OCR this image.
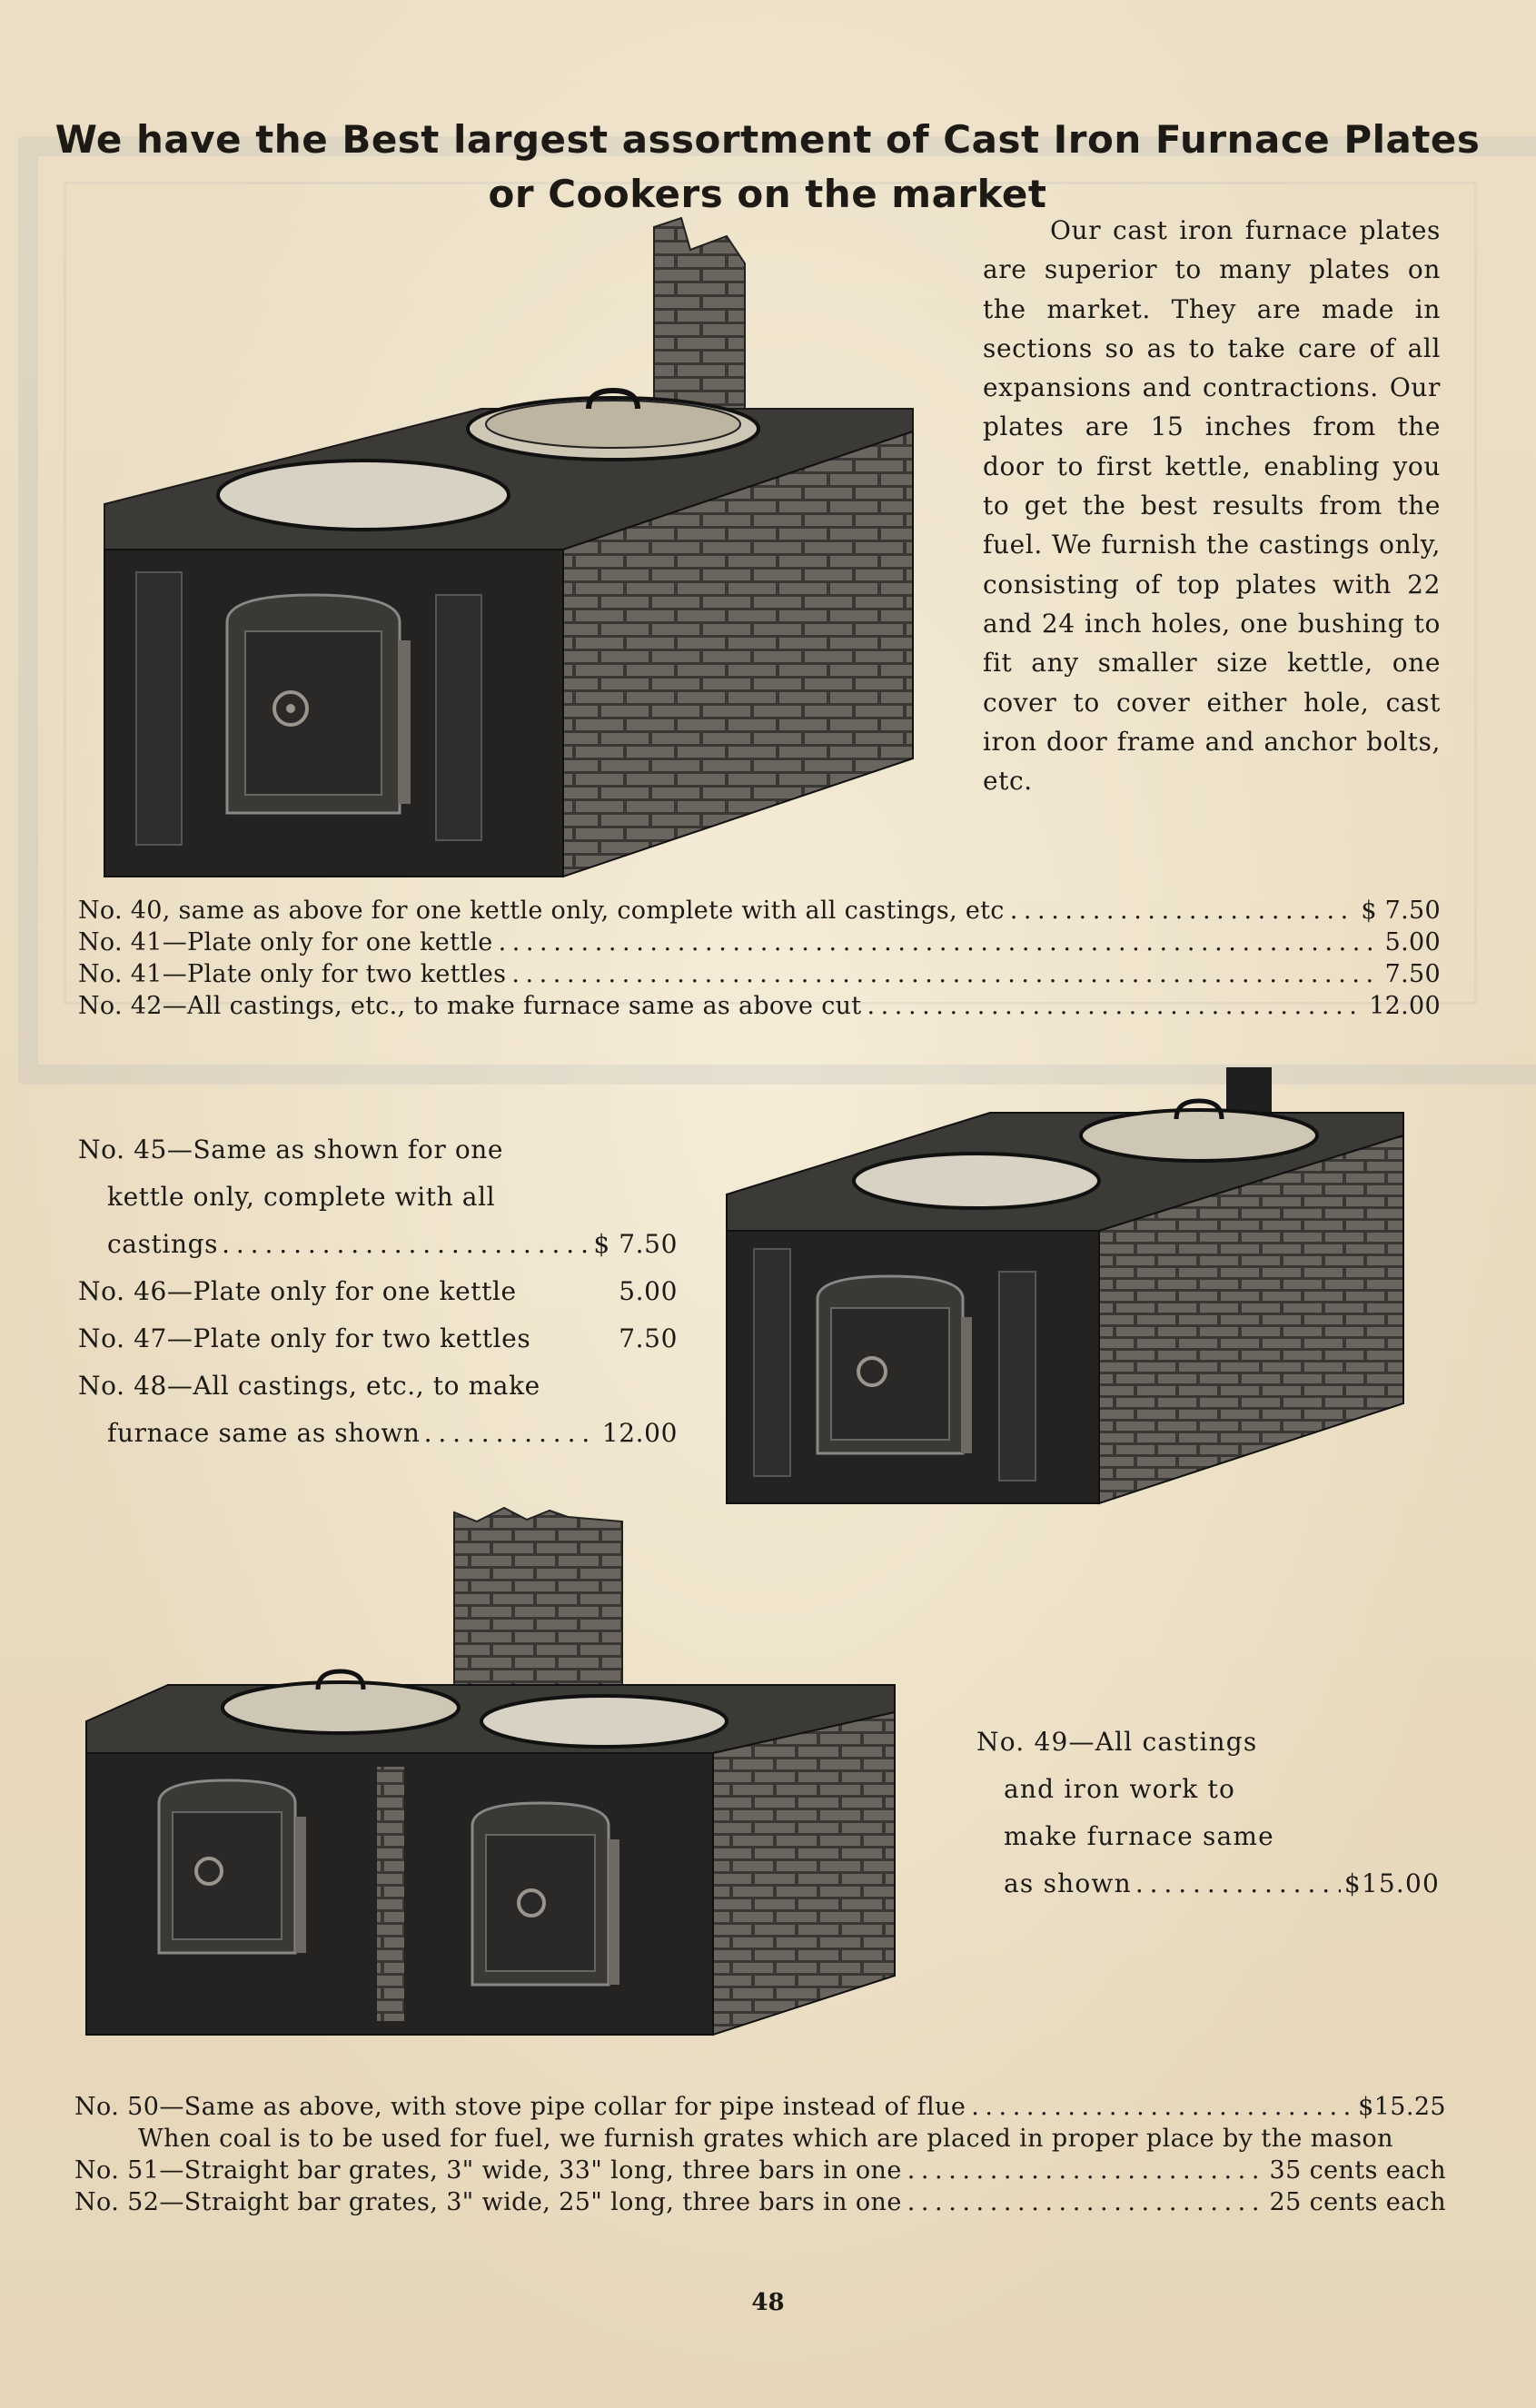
We have the Best largest assortment of Cast Iron Furnace Plates
or Cookers on the market
Our cast iron furnace plates are superior to many plates on the market. They are made in sections so as to take care of all expansions and contractions. Our plates are 15 inches from the door to first kettle, enabling you to get the best results from the fuel. We furnish the castings only, consisting of top plates with 22 and 24 inch holes, one bushing to fit any smaller size kettle, one cover to cover either hole, cast iron door frame and anchor bolts, etc.
No. 40, same as above for one kettle only, complete with all castings, etc . . .	$ 7.50
No. 41—Plate only for one kettle . . .	5.00
No. 41—Plate only for two kettles . . .	7.50
No. 42—All castings, etc., to make furnace same as above cut . . .	12.00
No. 45—Same as shown for one
kettle only, complete with all
castings . . .	$ 7.50
No. 46—Plate only for one kettle	5.00
No. 47—Plate only for two kettles	7.50
No. 48—All castings, etc., to make
furnace same as shown . . .	12.00
No. 49—All castings
and iron work to
make furnace same
as shown . . .	$15.00
No. 50—Same as above, with stove pipe collar for pipe instead of flue . . .	$15.25
When coal is to be used for fuel, we furnish grates which are placed in proper place by the mason
No. 51—Straight bar grates, 3" wide, 33" long, three bars in one . . .	35 cents each
No. 52—Straight bar grates, 3" wide, 25" long, three bars in one . . .	25 cents each
48
